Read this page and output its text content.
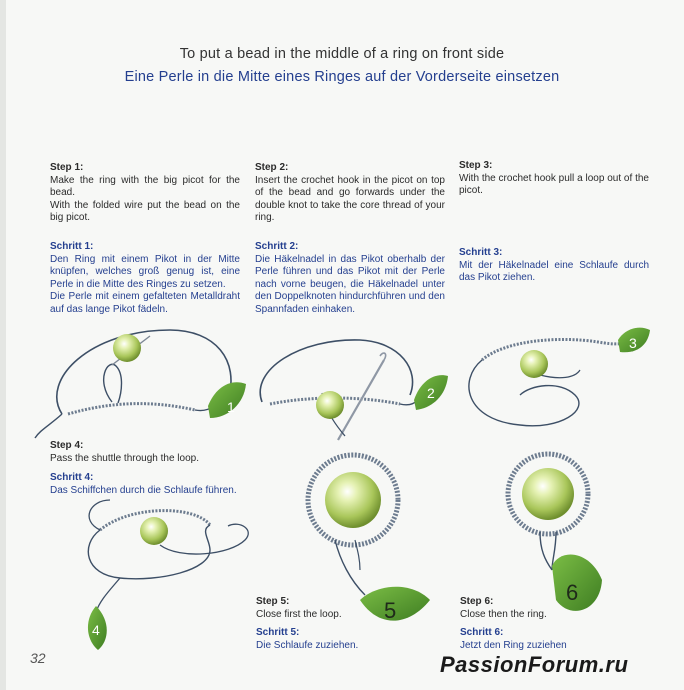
To put a bead in the middle of a ring on front side
Eine Perle in die Mitte eines Ringes auf der Vorderseite einsetzen
Step 1:
Make the ring with the big picot for the bead.
With the folded wire put the bead on the big picot.
Schritt 1:
Den Ring mit einem Pikot in der Mitte knüpfen, welches groß genug ist, eine Perle in die Mitte des Ringes zu setzen.
Die Perle mit einem gefalteten Metalldraht auf das lange Pikot fädeln.
Step 2:
Insert the crochet hook in the picot on top of the bead and go forwards under the double knot to take the core thread of your ring.
Schritt 2:
Die Häkelnadel in das Pikot oberhalb der Perle führen und das Pikot mit der Perle nach vorne beugen, die Häkelnadel unter den Doppelknoten hindurchführen und den Spannfaden einhaken.
Step 3:
With the crochet hook pull a loop out of the picot.
Schritt 3:
Mit der Häkelnadel eine Schlaufe durch das Pikot ziehen.
Step 4:
Pass the shuttle through the loop.
Schritt 4:
Das Schiffchen durch die Schlaufe führen.
Step 5:
Close first the loop.
Schritt 5:
Die Schlaufe zuziehen.
Step 6:
Close then the ring.
Schritt 6:
Jetzt den Ring zuziehen
1
2
3
4
5
6
32	PassionForum.ru
